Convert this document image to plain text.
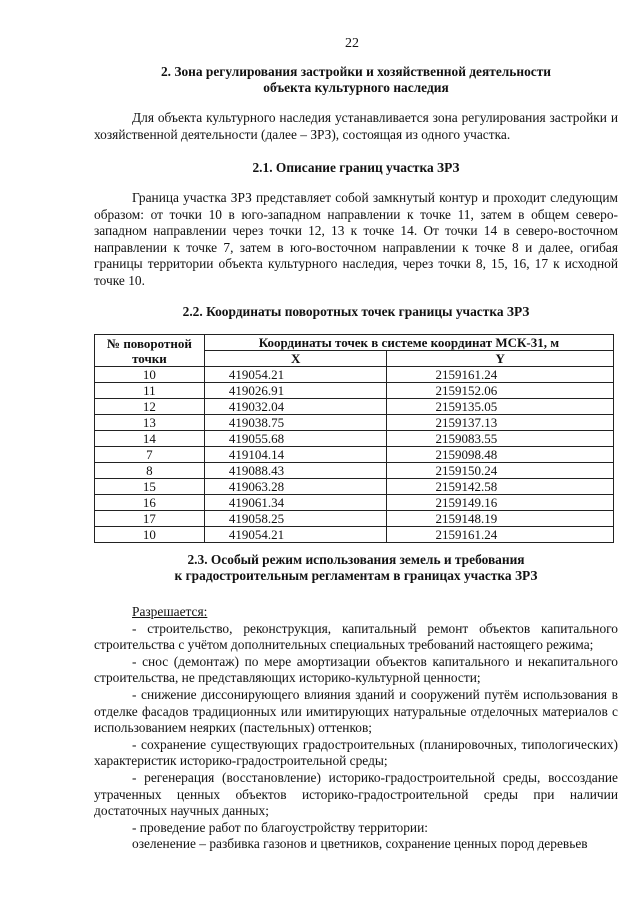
22

2. Зона регулирования застройки и хозяйственной деятельности

объекта культурного наследия

Для объекта культурного наследия устанавливается зона регулирования застройки и хозяйственной деятельности (далее – ЗРЗ), состоящая из одного участка.

2.1. Описание границ участка ЗРЗ

Граница участка ЗРЗ представляет собой замкнутый контур и проходит следующим образом: от точки 10 в юго-западном направлении к точке 11, затем в общем северо-западном направлении через точки 12, 13 к точке 14. От точки 14 в северо-восточном направлении к точке 7, затем в юго-восточном направлении к точке 8 и далее, огибая границы территории объекта культурного наследия, через точки 8, 15, 16, 17 к исходной точке 10.

2.2. Координаты поворотных точек границы участка ЗРЗ

№ поворотной точки	Координаты точек в системе координат МСК-31, м	
	X	Y
10	419054.21	2159161.24
11	419026.91	2159152.06
12	419032.04	2159135.05
13	419038.75	2159137.13
14	419055.68	2159083.55
7	419104.14	2159098.48
8	419088.43	2159150.24
15	419063.28	2159142.58
16	419061.34	2159149.16
17	419058.25	2159148.19
10	419054.21	2159161.24

2.3. Особый режим использования земель и требования

к градостроительным регламентам в границах участка ЗРЗ

Разрешается:

- строительство, реконструкция, капитальный ремонт объектов капитального строительства с учётом дополнительных специальных требований настоящего режима;

- снос (демонтаж) по мере амортизации объектов капитального и некапитального строительства, не представляющих историко-культурной ценности;

- снижение диссонирующего влияния зданий и сооружений путём использования в отделке фасадов традиционных или имитирующих натуральные отделочных материалов с использованием неярких (пастельных) оттенков;

- сохранение существующих градостроительных (планировочных, типологических) характеристик историко-градостроительной среды;

- регенерация (восстановление) историко-градостроительной среды, воссоздание утраченных ценных объектов историко-градостроительной среды при наличии достаточных научных данных;

- проведение работ по благоустройству территории:

озеленение – разбивка газонов и цветников, сохранение ценных пород деревьев
